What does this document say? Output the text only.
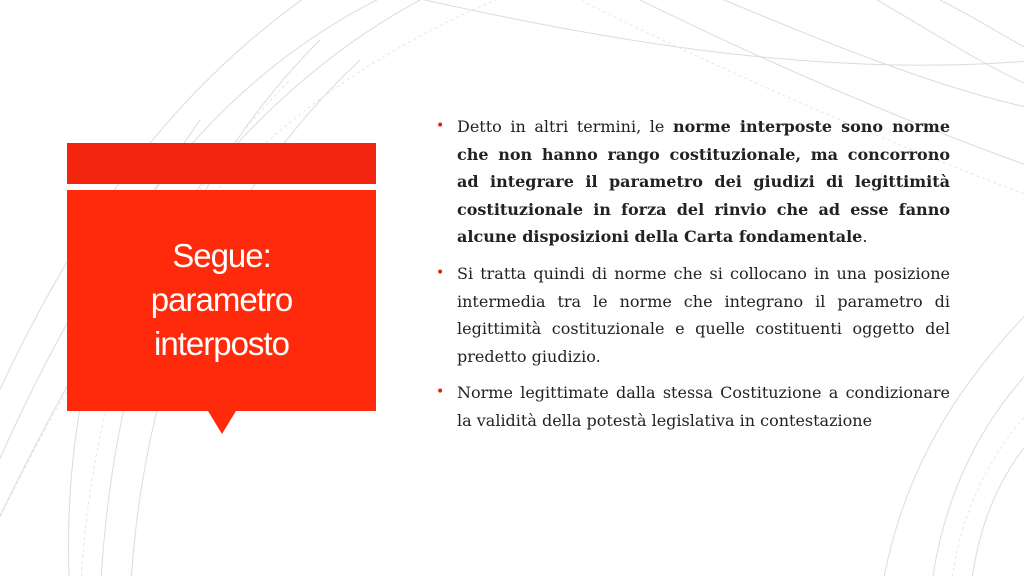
Segue:
parametro
interposto

• Detto in altri termini, le norme interposte sono norme che non hanno rango costituzionale, ma concorrono ad integrare il parametro dei giudizi di legittimità costituzionale in forza del rinvio che ad esse fanno alcune disposizioni della Carta fondamentale.

• Si tratta quindi di norme che si collocano in una posizione intermedia tra le norme che integrano il parametro di legittimità costituzionale e quelle costituenti oggetto del predetto giudizio.

• Norme legittimate dalla stessa Costituzione a condizionare la validità della potestà legislativa in contestazione
